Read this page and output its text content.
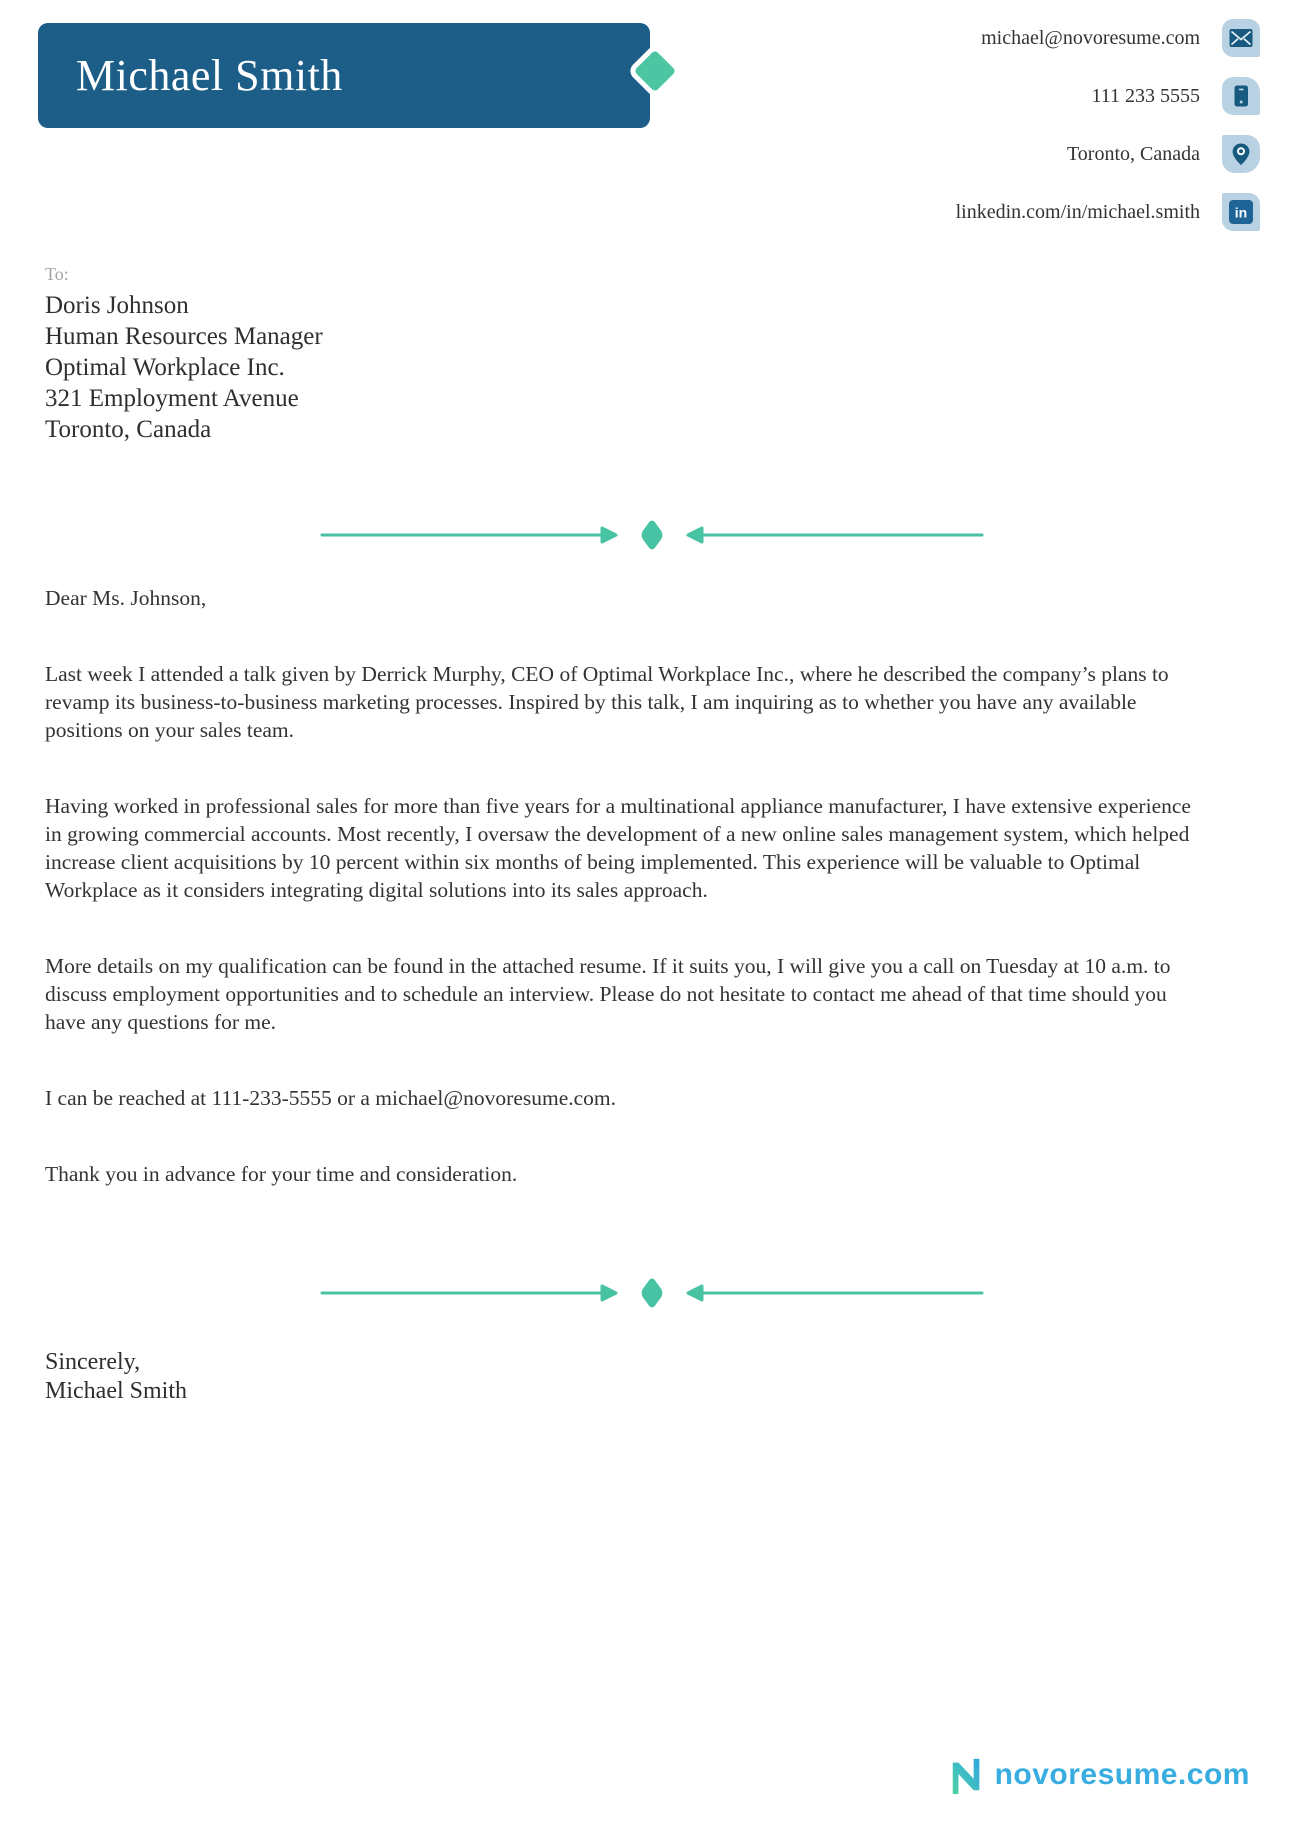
Michael Smith
michael@novoresume.com
111 233 5555
Toronto, Canada
linkedin.com/in/michael.smith in
To:
Doris Johnson
Human Resources Manager
Optimal Workplace Inc.
321 Employment Avenue
Toronto, Canada

Dear Ms. Johnson,

Last week I attended a talk given by Derrick Murphy, CEO of Optimal Workplace Inc., where he described the company’s plans to revamp its business-to-business marketing processes. Inspired by this talk, I am inquiring as to whether you have any available positions on your sales team.

Having worked in professional sales for more than five years for a multinational appliance manufacturer, I have extensive experience in growing commercial accounts. Most recently, I oversaw the development of a new online sales management system, which helped increase client acquisitions by 10 percent within six months of being implemented. This experience will be valuable to Optimal Workplace as it considers integrating digital solutions into its sales approach.

More details on my qualification can be found in the attached resume. If it suits you, I will give you a call on Tuesday at 10 a.m. to discuss employment opportunities and to schedule an interview. Please do not hesitate to contact me ahead of that time should you have any questions for me.

I can be reached at 111-233-5555 or a michael@novoresume.com.

Thank you in advance for your time and consideration.

Sincerely,
Michael Smith
novoresume.com
